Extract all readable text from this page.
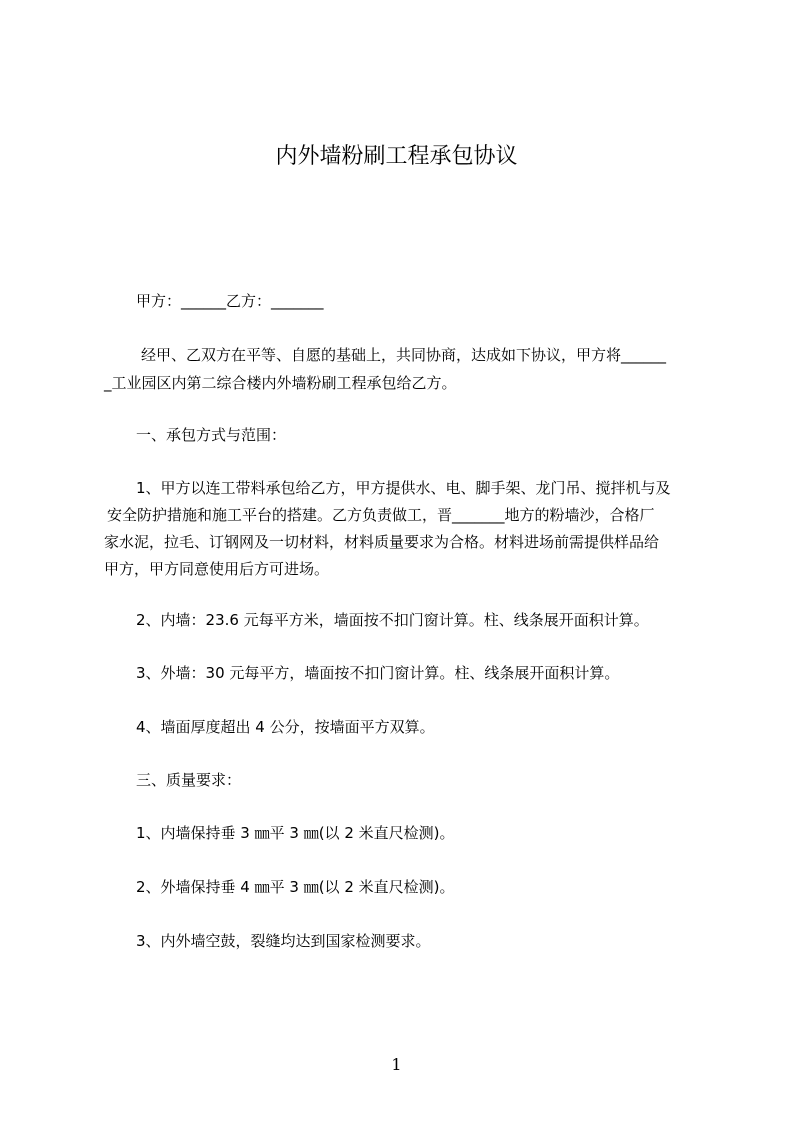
内外墙粉刷工程承包协议

甲方：______乙方：_______

经甲、乙双方在平等、自愿的基础上，共同协商，达成如下协议，甲方将______

_工业园区内第二综合楼内外墙粉刷工程承包给乙方。

一、承包方式与范围：

1、甲方以连工带料承包给乙方，甲方提供水、电、脚手架、龙门吊、搅拌机与及

安全防护措施和施工平台的搭建。乙方负责做工，晋_______地方的粉墙沙，合格厂

家水泥，拉毛、订钢网及一切材料，材料质量要求为合格。材料进场前需提供样品给

甲方，甲方同意使用后方可进场。

2、内墙：23.6 元每平方米，墙面按不扣门窗计算。柱、线条展开面积计算。

3、外墙：30 元每平方，墙面按不扣门窗计算。柱、线条展开面积计算。

4、墙面厚度超出 4 公分，按墙面平方双算。

三、质量要求：

1、内墙保持垂 3 ㎜平 3 ㎜(以 2 米直尺检测)。

2、外墙保持垂 4 ㎜平 3 ㎜(以 2 米直尺检测)。

3、内外墙空鼓，裂缝均达到国家检测要求。

1
